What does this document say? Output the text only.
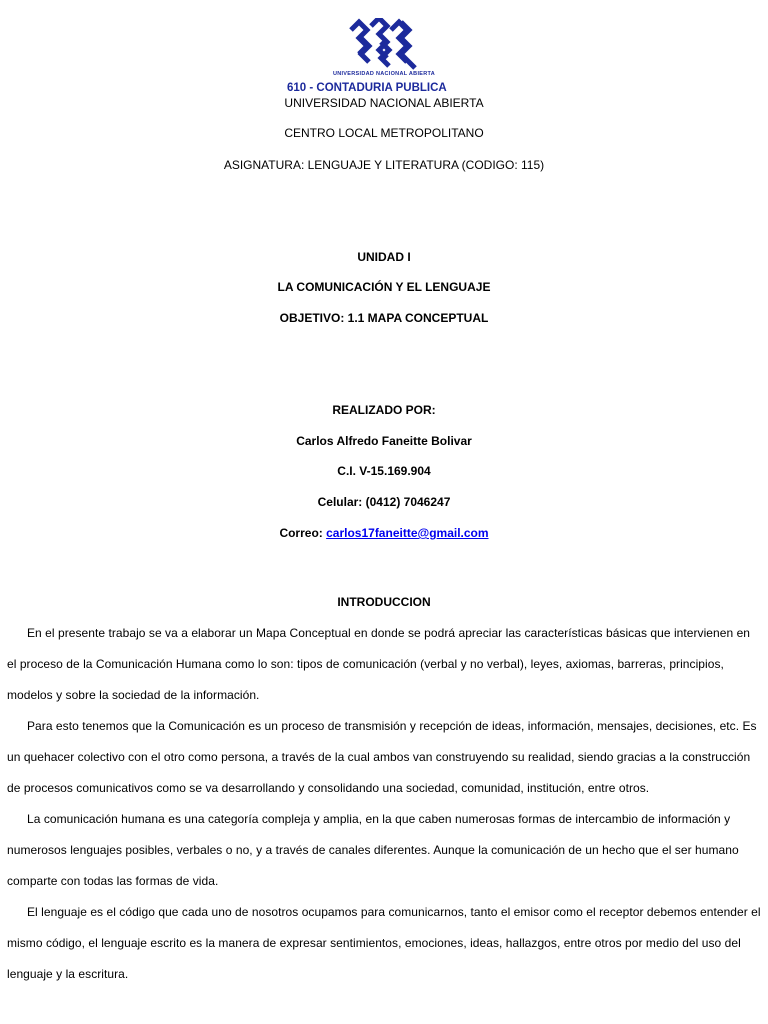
UNIVERSIDAD NACIONAL ABIERTA
610 - CONTADURIA PUBLICA
UNIVERSIDAD NACIONAL ABIERTA
CENTRO LOCAL METROPOLITANO
ASIGNATURA: LENGUAJE Y LITERATURA (CODIGO: 115)
UNIDAD I
LA COMUNICACIÓN Y EL LENGUAJE
OBJETIVO: 1.1 MAPA CONCEPTUAL
REALIZADO POR:
Carlos Alfredo Faneitte Bolivar
C.I. V-15.169.904
Celular: (0412) 7046247
Correo: carlos17faneitte@gmail.com
INTRODUCCION

En el presente trabajo se va a elaborar un Mapa Conceptual en donde se podrá apreciar las características básicas que intervienen en el proceso de la Comunicación Humana como lo son: tipos de comunicación (verbal y no verbal), leyes, axiomas, barreras, principios, modelos y sobre la sociedad de la información.

Para esto tenemos que la Comunicación es un proceso de transmisión y recepción de ideas, información, mensajes, decisiones, etc. Es un quehacer colectivo con el otro como persona, a través de la cual ambos van construyendo su realidad, siendo gracias a la construcción de procesos comunicativos como se va desarrollando y consolidando una sociedad, comunidad, institución, entre otros.

La comunicación humana es una categoría compleja y amplia, en la que caben numerosas formas de intercambio de información y numerosos lenguajes posibles, verbales o no, y a través de canales diferentes. Aunque la comunicación de un hecho que el ser humano comparte con todas las formas de vida.

El lenguaje es el código que cada uno de nosotros ocupamos para comunicarnos, tanto el emisor como el receptor debemos entender el mismo código, el lenguaje escrito es la manera de expresar sentimientos, emociones, ideas, hallazgos, entre otros por medio del uso del lenguaje y la escritura.
